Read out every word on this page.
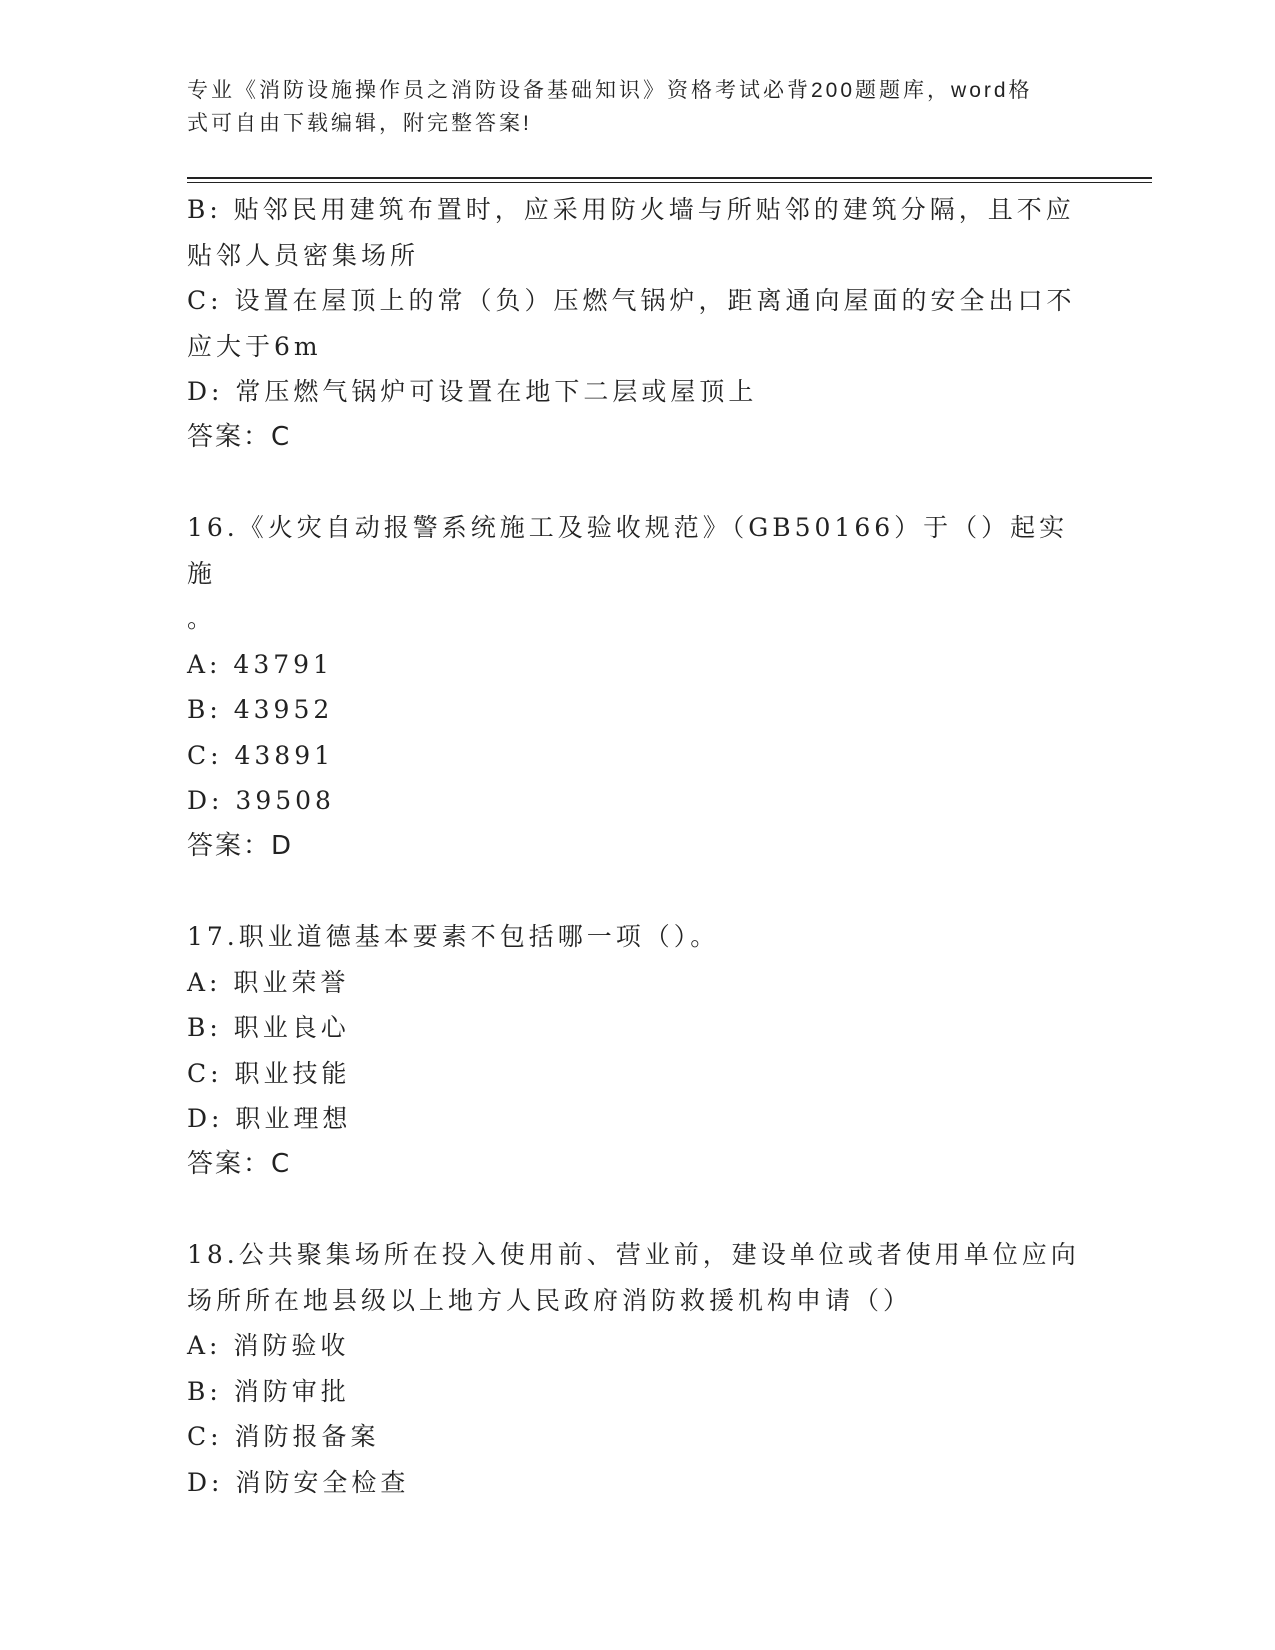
专业《消防设施操作员之消防设备基础知识》资格考试必背200题题库，word格
式可自由下载编辑，附完整答案!
B: 贴邻民用建筑布置时，应采用防火墙与所贴邻的建筑分隔，且不应
贴邻人员密集场所
C: 设置在屋顶上的常（负）压燃气锅炉，距离通向屋面的安全出口不
应大于6m
D: 常压燃气锅炉可设置在地下二层或屋顶上
答案：C
16.《火灾自动报警系统施工及验收规范》（GB50166）于（）起实施
。
A: 43791
B: 43952
C: 43891
D: 39508
答案：D
17.职业道德基本要素不包括哪一项（）。
A: 职业荣誉
B: 职业良心
C: 职业技能
D: 职业理想
答案：C
18.公共聚集场所在投入使用前、营业前，建设单位或者使用单位应向
场所所在地县级以上地方人民政府消防救援机构申请（）
A: 消防验收
B: 消防审批
C: 消防报备案
D: 消防安全检查
